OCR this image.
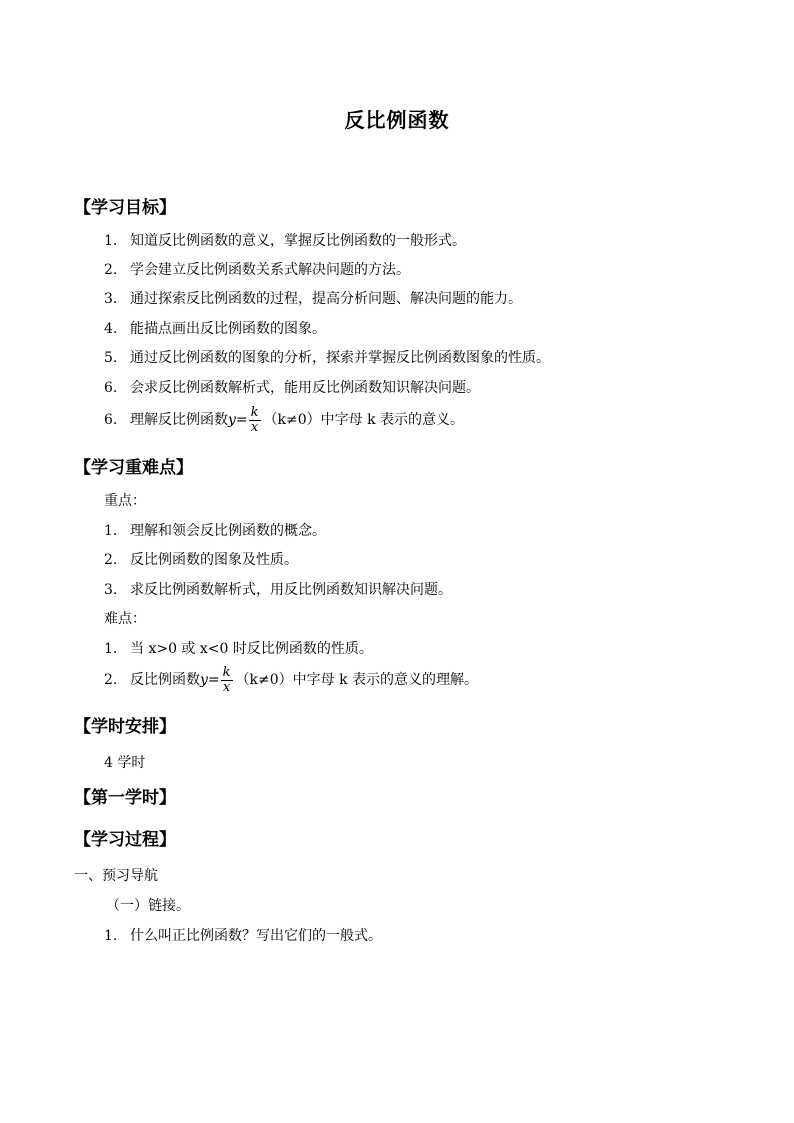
反比例函数
【学习目标】
1. 知道反比例函数的意义，掌握反比例函数的一般形式。
2. 学会建立反比例函数关系式解决问题的方法。
3. 通过探索反比例函数的过程，提高分析问题、解决问题的能力。
4. 能描点画出反比例函数的图象。
5. 通过反比例函数的图象的分析，探索并掌握反比例函数图象的性质。
6. 会求反比例函数解析式，能用反比例函数知识解决问题。
6. 理解反比例函数$y= \frac{k}{x} (k\ne 0)$中字母 k 表示的意义。
【学习重难点】
重点：
1. 理解和领会反比例函数的概念。
2. 反比例函数的图象及性质。
3. 求反比例函数解析式，用反比例函数知识解决问题。
难点：
1. 当 x>0 或 x<0 时反比例函数的性质。
2. 反比例函数$y= \frac{k}{x} (k\ne 0)$中字母 k 表示的意义的理解。
【学时安排】
4 学时
【第一学时】
【学习过程】
一、预习导航
（一）链接。
1. 什么叫正比例函数？写出它们的一般式。
